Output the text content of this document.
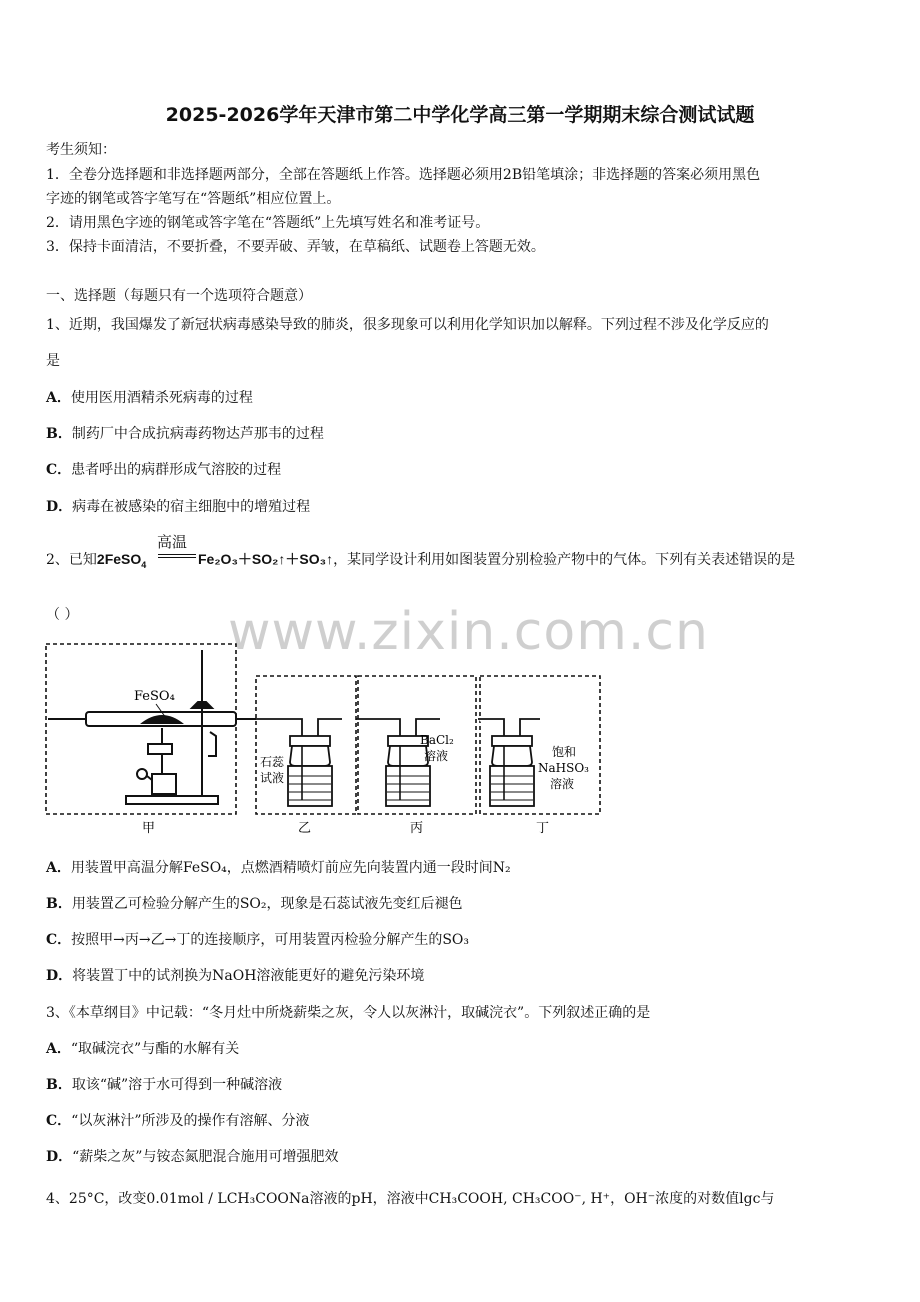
2025-2026学年天津市第二中学化学高三第一学期期末综合测试试题
考生须知：
1．全卷分选择题和非选择题两部分，全部在答题纸上作答。选择题必须用2B铅笔填涂；非选择题的答案必须用黑色
字迹的钢笔或答字笔写在“答题纸”相应位置上。
2．请用黑色字迹的钢笔或答字笔在“答题纸”上先填写姓名和准考证号。
3．保持卡面清洁，不要折叠，不要弄破、弄皱，在草稿纸、试题卷上答题无效。
一、选择题（每题只有一个选项符合题意）
1、近期，我国爆发了新冠状病毒感染导致的肺炎，很多现象可以利用化学知识加以解释。下列过程不涉及化学反应的
是
A．使用医用酒精杀死病毒的过程
B．制药厂中合成抗病毒药物达芦那韦的过程
C．患者呼出的病群形成气溶胶的过程
D．病毒在被感染的宿主细胞中的增殖过程
2、已知2FeSO$_4$
高温
Fe₂O₃＋SO₂↑＋SO₃↑，某同学设计利用如图装置分别检验产物中的气体。下列有关表述错误的是
（ ）	www.zixin.com.cn
FeSO₄
石蕊
试液
BaCl₂
溶液	饱和
NaHSO₃
溶液
甲	乙	丙	丁
A．用装置甲高温分解FeSO₄，点燃酒精喷灯前应先向装置内通一段时间N₂
B．用装置乙可检验分解产生的SO₂，现象是石蕊试液先变红后褪色
C．按照甲→丙→乙→丁的连接顺序，可用装置丙检验分解产生的SO₃
D．将装置丁中的试剂换为NaOH溶液能更好的避免污染环境
3、《本草纲目》中记载：“冬月灶中所烧薪柴之灰，令人以灰淋汁，取碱浣衣”。下列叙述正确的是
A．“取碱浣衣”与酯的水解有关
B．取该“碱”溶于水可得到一种碱溶液
C．“以灰淋汁”所涉及的操作有溶解、分液
D．“薪柴之灰”与铵态氮肥混合施用可增强肥效
4、25°C，改变0.01mol / LCH₃COONa溶液的pH，溶液中CH₃COOH, CH₃COO⁻, H⁺，OH⁻浓度的对数值lgc与
